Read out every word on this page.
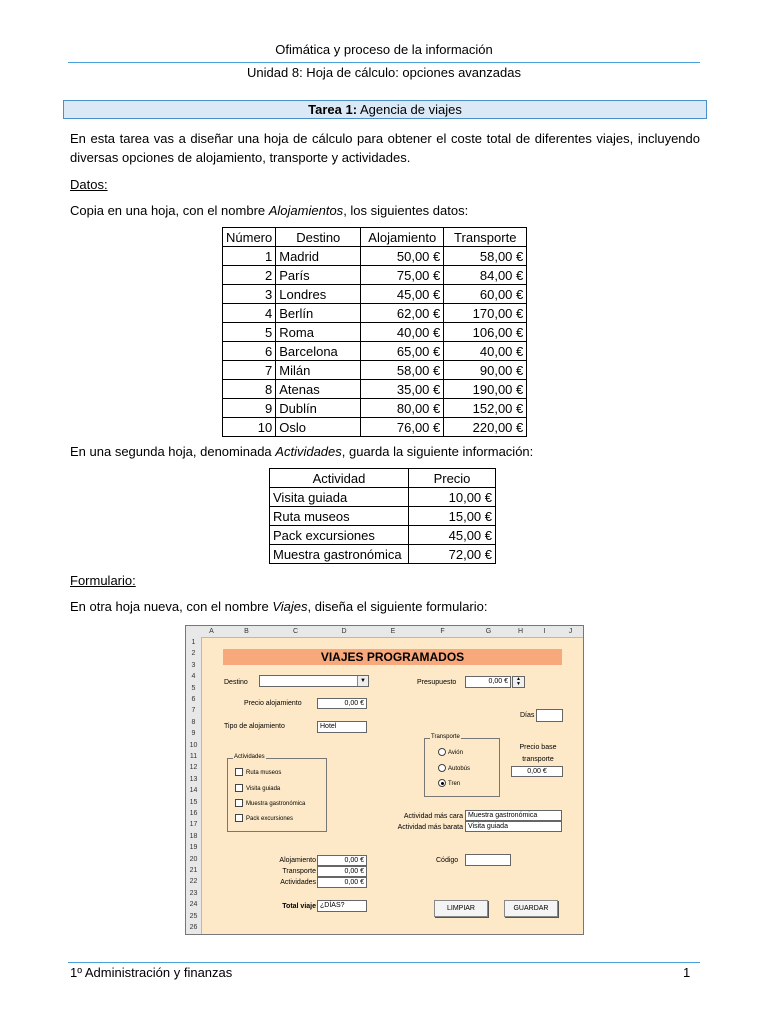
Ofimática y proceso de la información
Unidad 8: Hoja de cálculo: opciones avanzadas
Tarea 1: Agencia de viajes
En esta tarea vas a diseñar una hoja de cálculo para obtener el coste total de diferentes viajes, incluyendo diversas opciones de alojamiento, transporte y actividades.
Datos:
Copia en una hoja, con el nombre Alojamientos, los siguientes datos:
Número	Destino	Alojamiento	Transporte
1	Madrid	50,00 €	58,00 €
2	París	75,00 €	84,00 €
3	Londres	45,00 €	60,00 €
4	Berlín	62,00 €	170,00 €
5	Roma	40,00 €	106,00 €
6	Barcelona	65,00 €	40,00 €
7	Milán	58,00 €	90,00 €
8	Atenas	35,00 €	190,00 €
9	Dublín	80,00 €	152,00 €
10	Oslo	76,00 €	220,00 €
En una segunda hoja, denominada Actividades, guarda la siguiente información:
Actividad	Precio
Visita guiada	10,00 €
Ruta museos	15,00 €
Pack excursiones	45,00 €
Muestra gastronómica	72,00 €
Formulario:
En otra hoja nueva, con el nombre Viajes, diseña el siguiente formulario:
A	B	C	D	E	F	G	H	I	J
1
2
3
4
5
6
7
8
9
10
11
12
13
14
15
16
17
18
19
20
21
22
23
24
25
26
VIAJES PROGRAMADOS
Destino	▼	Presupuesto	0,00 €	▲
▼
Precio alojamiento	0,00 €
Días
Tipo de alojamiento	Hotel
Actividades
Ruta museos
Visita guiada
Muestra gastronómica
Pack excursiones
Transporte
Avión
Autobús
Tren
Precio base
transporte
0,00 €
Actividad más cara Muestra gastronómica
Actividad más barata Visita guiada
Alojamiento	0,00 €
Transporte	0,00 €
Actividades	0,00 €
Código
Total viaje ¿DÍAS?	LIMPIAR	GUARDAR
1º Administración y finanzas	1
